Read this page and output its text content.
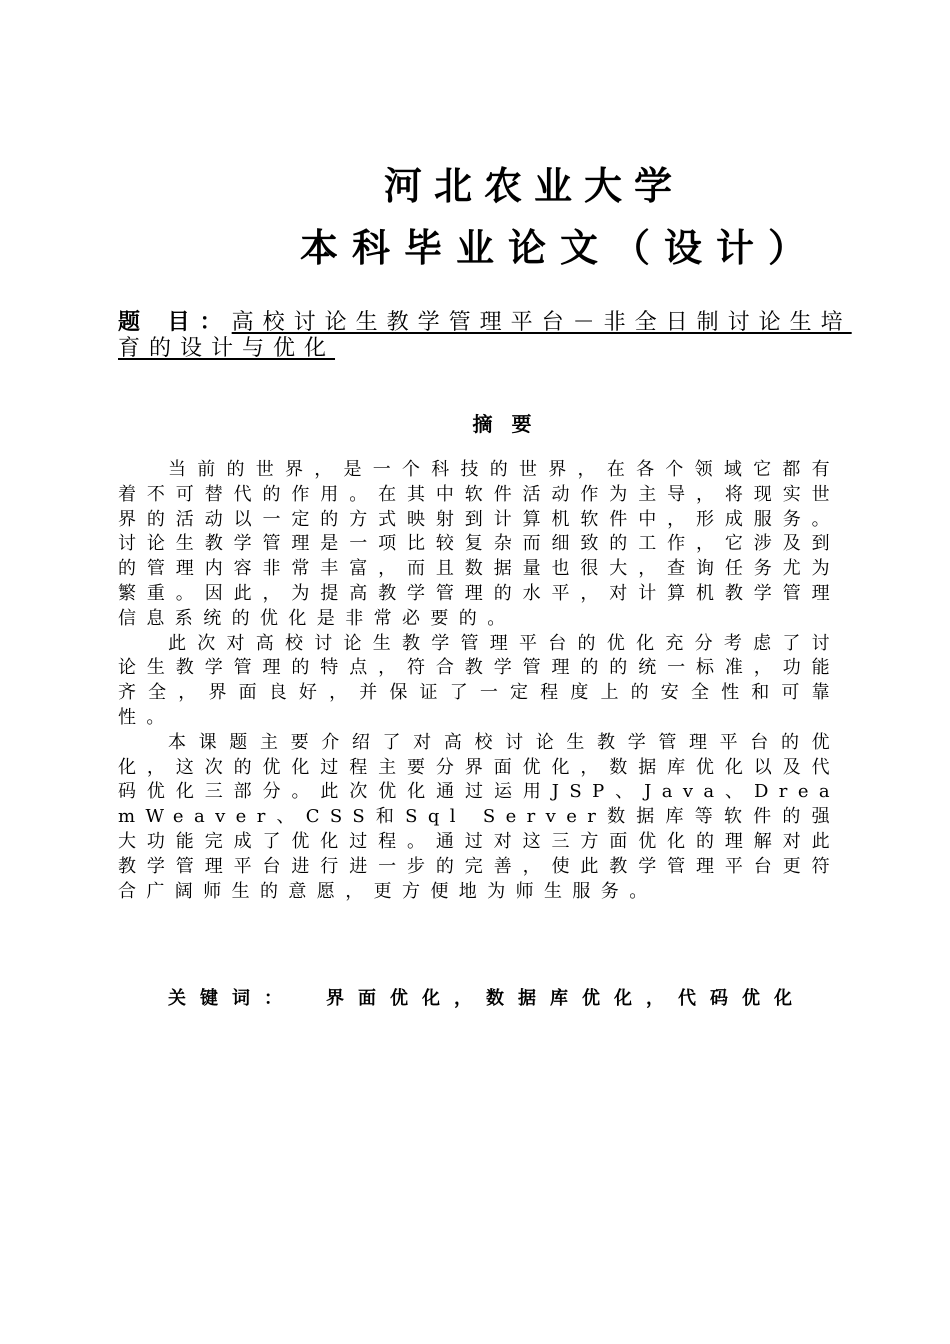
河北农业大学
本科毕业论文（设计）
题 目：高校讨论生教学管理平台－非全日制讨论生培育的设计与优化
摘 要

当前的世界，是一个科技的世界，在各个领域它都有着不可替代的作用。在其中软件活动作为主导，将现实世界的活动以一定的方式映射到计算机软件中，形成服务。讨论生教学管理是一项比较复杂而细致的工作，它涉及到的管理内容非常丰富，而且数据量也很大，查询任务尤为繁重。因此，为提高教学管理的水平，对计算机教学管理信息系统的优化是非常必要的。

此次对高校讨论生教学管理平台的优化充分考虑了讨论生教学管理的特点，符合教学管理的的统一标准，功能齐全，界面良好，并保证了一定程度上的安全性和可靠性。

本课题主要介绍了对高校讨论生教学管理平台的优化，这次的优化过程主要分界面优化，数据库优化以及代码优化三部分。此次优化通过运用JSP、Java、DreamWeaver、CSS和Sql Server数据库等软件的强大功能完成了优化过程。通过对这三方面优化的理解对此教学管理平台进行进一步的完善，使此教学管理平台更符合广阔师生的意愿，更方便地为师生服务。

关键词： 界面优化，数据库优化，代码优化
